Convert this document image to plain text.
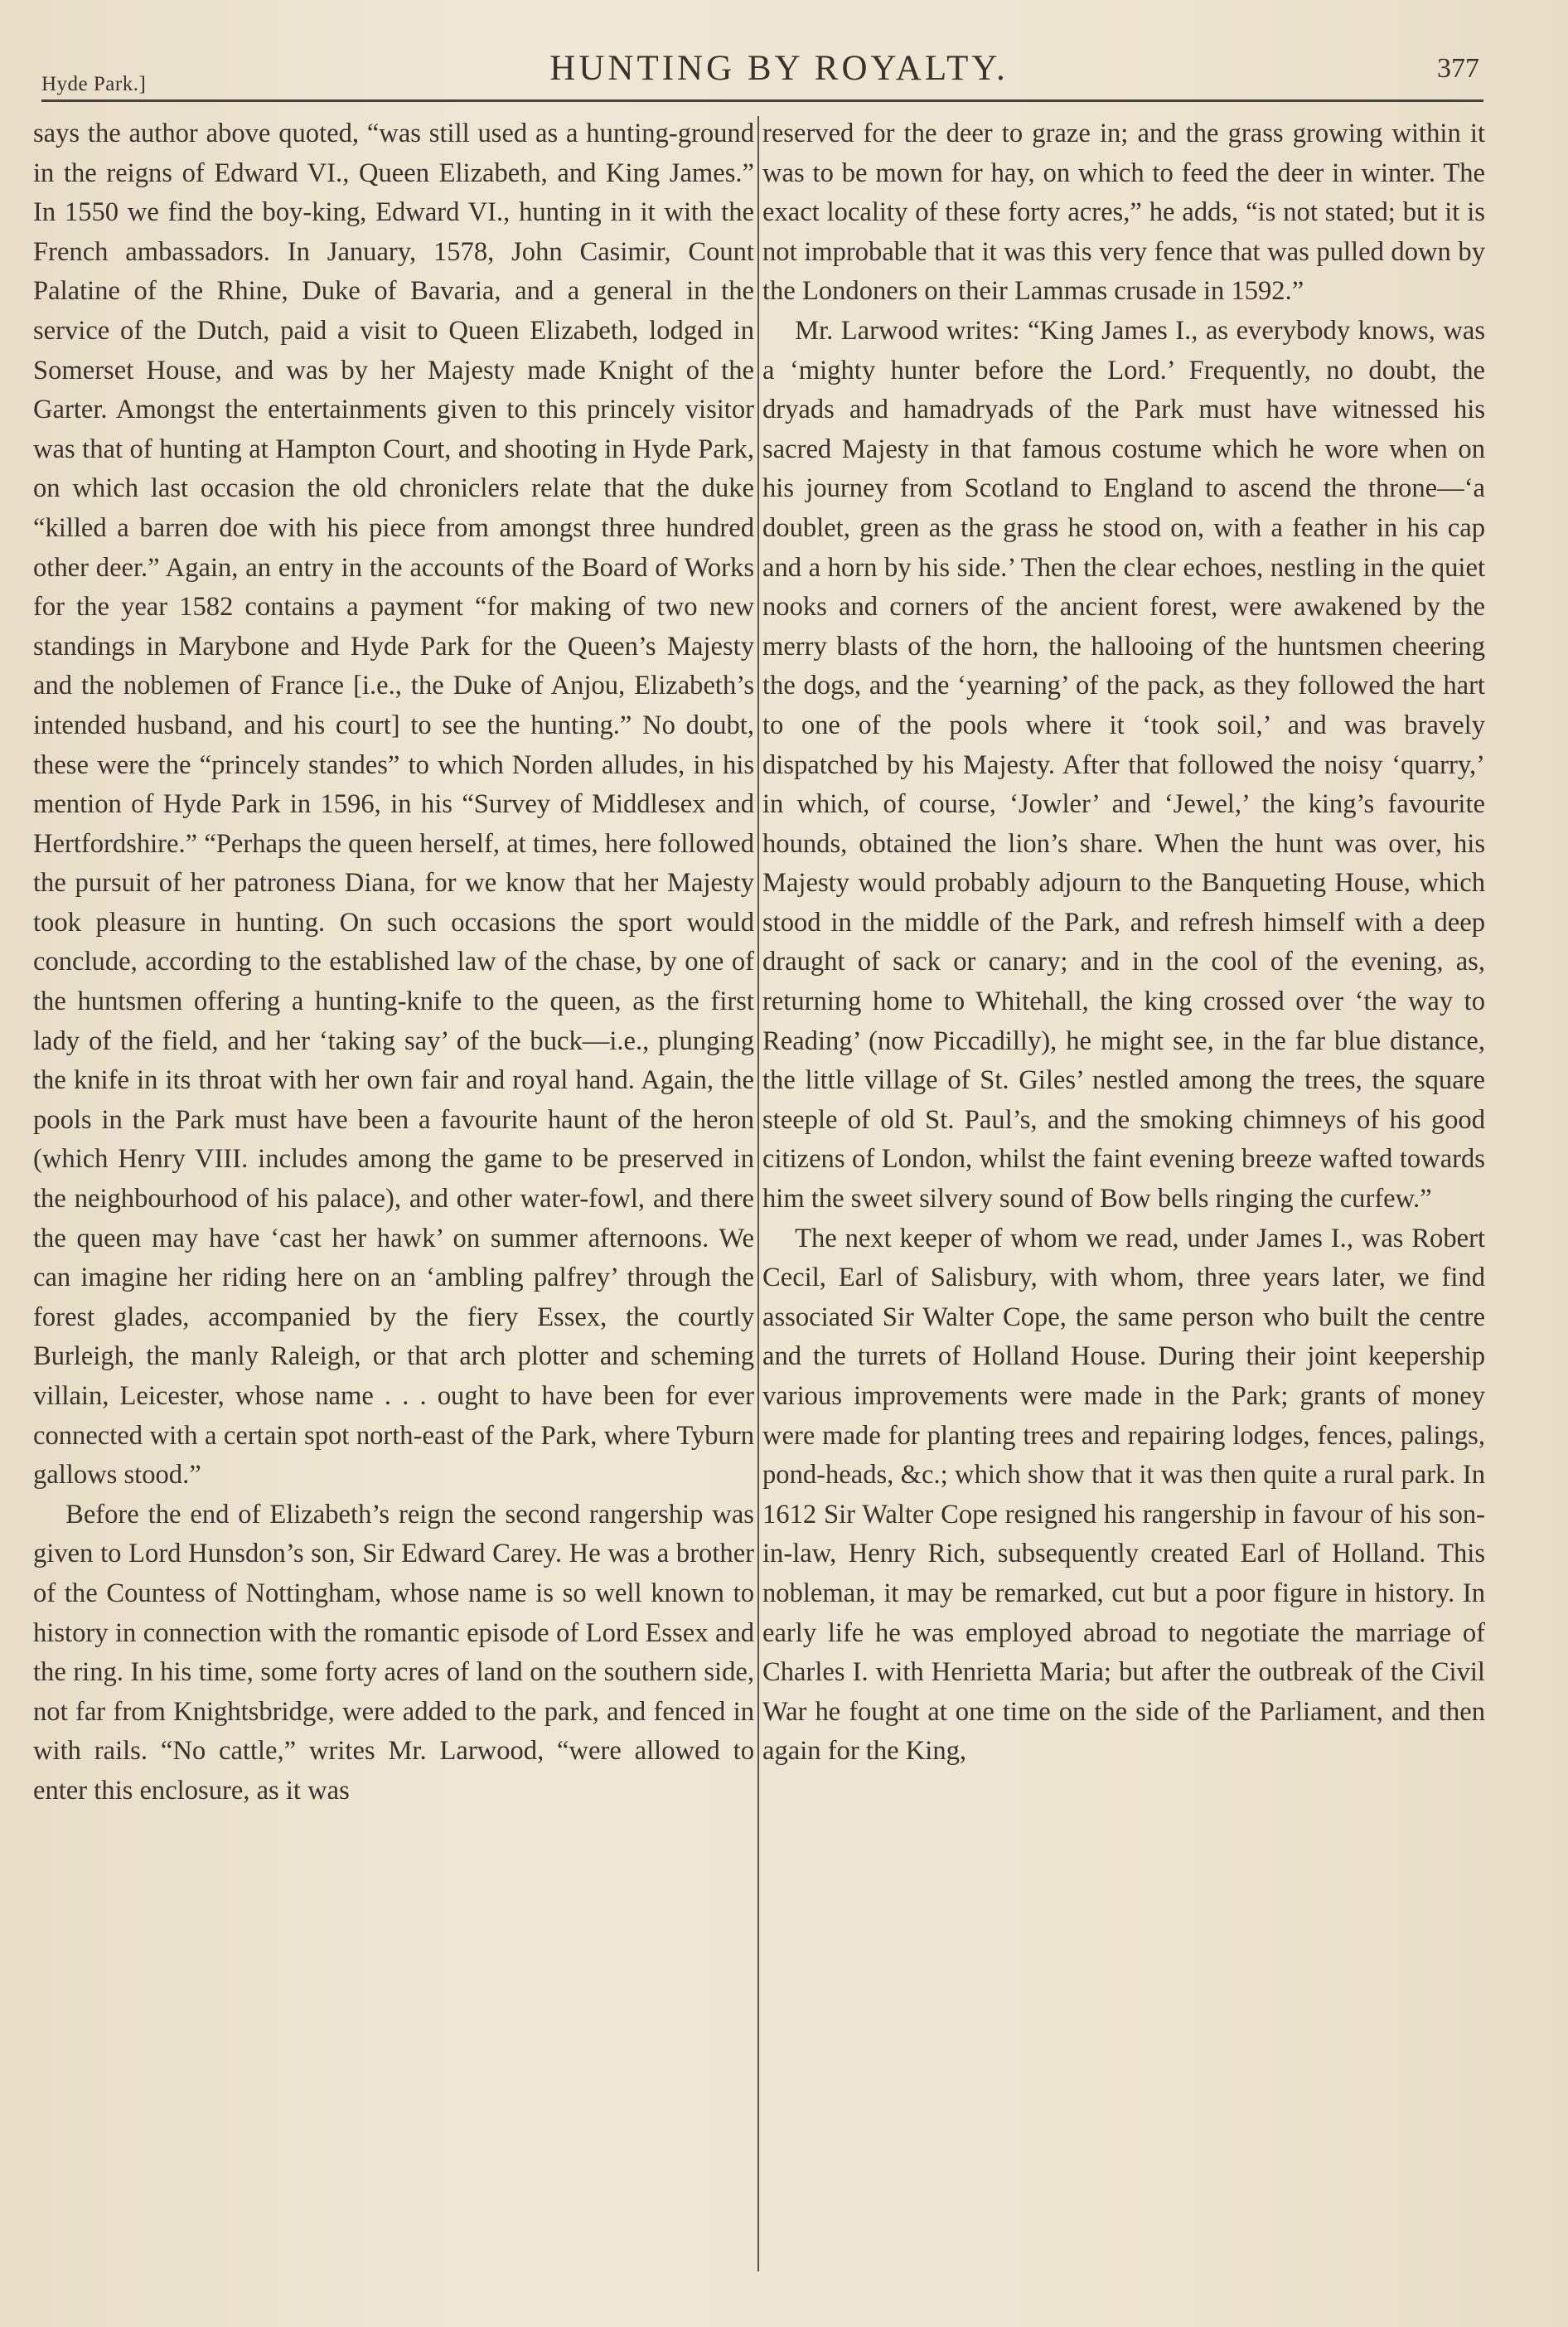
Hyde Park.]	HUNTING BY ROYALTY.	377

says the author above quoted, “was still used as a hunting-ground in the reigns of Edward VI., Queen Elizabeth, and King James.” In 1550 we find the boy-king, Edward VI., hunting in it with the French ambassadors. In January, 1578, John Casimir, Count Palatine of the Rhine, Duke of Bavaria, and a general in the service of the Dutch, paid a visit to Queen Elizabeth, lodged in Somerset House, and was by her Majesty made Knight of the Garter. Amongst the entertainments given to this princely visitor was that of hunting at Hampton Court, and shooting in Hyde Park, on which last occasion the old chroniclers relate that the duke “killed a barren doe with his piece from amongst three hundred other deer.” Again, an entry in the accounts of the Board of Works for the year 1582 contains a payment “for making of two new standings in Marybone and Hyde Park for the Queen’s Majesty and the noblemen of France [i.e., the Duke of Anjou, Elizabeth’s intended husband, and his court] to see the hunting.” No doubt, these were the “princely standes” to which Norden alludes, in his mention of Hyde Park in 1596, in his “Survey of Middlesex and Hertfordshire.” “Perhaps the queen herself, at times, here followed the pursuit of her patroness Diana, for we know that her Majesty took pleasure in hunting. On such occasions the sport would conclude, according to the established law of the chase, by one of the huntsmen offering a hunting-knife to the queen, as the first lady of the field, and her ‘taking say’ of the buck—i.e., plunging the knife in its throat with her own fair and royal hand. Again, the pools in the Park must have been a favourite haunt of the heron (which Henry VIII. includes among the game to be preserved in the neighbourhood of his palace), and other water-fowl, and there the queen may have ‘cast her hawk’ on summer afternoons. We can imagine her riding here on an ‘ambling palfrey’ through the forest glades, accompanied by the fiery Essex, the courtly Burleigh, the manly Raleigh, or that arch plotter and scheming villain, Leicester, whose name . . . ought to have been for ever connected with a certain spot north-east of the Park, where Tyburn gallows stood.”

Before the end of Elizabeth’s reign the second rangership was given to Lord Hunsdon’s son, Sir Edward Carey. He was a brother of the Countess of Nottingham, whose name is so well known to history in connection with the romantic episode of Lord Essex and the ring. In his time, some forty acres of land on the southern side, not far from Knightsbridge, were added to the park, and fenced in with rails. “No cattle,” writes Mr. Larwood, “were allowed to enter this enclosure, as it was

reserved for the deer to graze in; and the grass growing within it was to be mown for hay, on which to feed the deer in winter. The exact locality of these forty acres,” he adds, “is not stated; but it is not improbable that it was this very fence that was pulled down by the Londoners on their Lammas crusade in 1592.”

Mr. Larwood writes: “King James I., as everybody knows, was a ‘mighty hunter before the Lord.’ Frequently, no doubt, the dryads and hamadryads of the Park must have witnessed his sacred Majesty in that famous costume which he wore when on his journey from Scotland to England to ascend the throne—‘a doublet, green as the grass he stood on, with a feather in his cap and a horn by his side.’ Then the clear echoes, nestling in the quiet nooks and corners of the ancient forest, were awakened by the merry blasts of the horn, the hallooing of the huntsmen cheering the dogs, and the ‘yearning’ of the pack, as they followed the hart to one of the pools where it ‘took soil,’ and was bravely dispatched by his Majesty. After that followed the noisy ‘quarry,’ in which, of course, ‘Jowler’ and ‘Jewel,’ the king’s favourite hounds, obtained the lion’s share. When the hunt was over, his Majesty would probably adjourn to the Banqueting House, which stood in the middle of the Park, and refresh himself with a deep draught of sack or canary; and in the cool of the evening, as, returning home to Whitehall, the king crossed over ‘the way to Reading’ (now Piccadilly), he might see, in the far blue distance, the little village of St. Giles’ nestled among the trees, the square steeple of old St. Paul’s, and the smoking chimneys of his good citizens of London, whilst the faint evening breeze wafted towards him the sweet silvery sound of Bow bells ringing the curfew.”

The next keeper of whom we read, under James I., was Robert Cecil, Earl of Salisbury, with whom, three years later, we find associated Sir Walter Cope, the same person who built the centre and the turrets of Holland House. During their joint keepership various improvements were made in the Park; grants of money were made for planting trees and repairing lodges, fences, palings, pond-heads, &c.; which show that it was then quite a rural park. In 1612 Sir Walter Cope resigned his rangership in favour of his son-in-law, Henry Rich, subsequently created Earl of Holland. This nobleman, it may be remarked, cut but a poor figure in history. In early life he was employed abroad to negotiate the marriage of Charles I. with Henrietta Maria; but after the outbreak of the Civil War he fought at one time on the side of the Parliament, and then again for the King,
